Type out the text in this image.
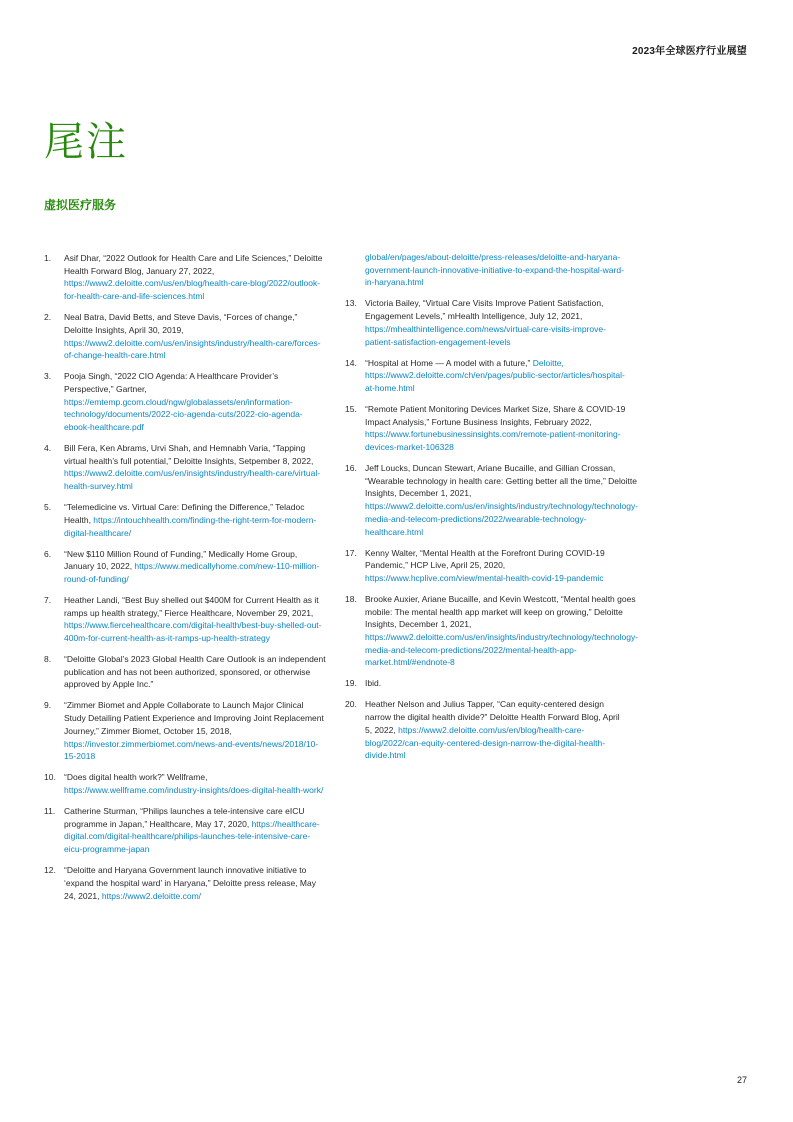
2023年全球医疗行业展望
尾注
虚拟医疗服务
1.	Asif Dhar, “2022 Outlook for Health Care and Life Sciences,” Deloitte Health Forward Blog, January 27, 2022, https://www2.deloitte.com/us/en/blog/health-care-blog/2022/outlook-for-health-care-and-life-sciences.html
2.	Neal Batra, David Betts, and Steve Davis, “Forces of change,” Deloitte Insights, April 30, 2019, https://www2.deloitte.com/us/en/insights/industry/health-care/forces-of-change-health-care.html
3.	Pooja Singh, “2022 CIO Agenda: A Healthcare Provider’s Perspective,” Gartner, https://emtemp.gcom.cloud/ngw/globalassets/en/information-technology/documents/2022-cio-agenda-cuts/2022-cio-agenda-ebook-healthcare.pdf
4.	Bill Fera, Ken Abrams, Urvi Shah, and Hemnabh Varia, “Tapping virtual health’s full potential,” Deloitte Insights, Setpember 8, 2022, https://www2.deloitte.com/us/en/insights/industry/health-care/virtual-health-survey.html
5.	“Telemedicine vs. Virtual Care: Defining the Difference,” Teladoc Health, https://intouchhealth.com/finding-the-right-term-for-modern-digital-healthcare/
6.	“New $110 Million Round of Funding,” Medically Home Group, January 10, 2022, https://www.medicallyhome.com/new-110-million-round-of-funding/
7.	Heather Landi, “Best Buy shelled out $400M for Current Health as it ramps up health strategy,” Fierce Healthcare, November 29, 2021, https://www.fiercehealthcare.com/digital-health/best-buy-shelled-out-400m-for-current-health-as-it-ramps-up-health-strategy
8.	“Deloitte Global’s 2023 Global Health Care Outlook is an independent publication and has not been authorized, sponsored, or otherwise approved by Apple Inc.”
9.	“Zimmer Biomet and Apple Collaborate to Launch Major Clinical Study Detailing Patient Experience and Improving Joint Replacement Journey,” Zimmer Biomet, October 15, 2018, https://investor.zimmerbiomet.com/news-and-events/news/2018/10-15-2018
10. “Does digital health work?” Wellframe, https://www.wellframe.com/industry-insights/does-digital-health-work/
11.	Catherine Sturman, “Philips launches a tele-intensive care eICU programme in Japan,” Healthcare, May 17, 2020, https://healthcare-digital.com/digital-healthcare/philips-launches-tele-intensive-care-eicu-programme-japan
12. “Deloitte and Haryana Government launch innovative initiative to ‘expand the hospital ward’ in Haryana,” Deloitte press release, May 24, 2021, https://www2.deloitte.com/
global/en/pages/about-deloitte/press-releases/deloitte-and-haryana-government-launch-innovative-initiative-to-expand-the-hospital-ward-in-haryana.html
13. Victoria Bailey, “Virtual Care Visits Improve Patient Satisfaction, Engagement Levels,” mHealth Intelligence, July 12, 2021, https://mhealthintelligence.com/news/virtual-care-visits-improve-patient-satisfaction-engagement-levels
14. “Hospital at Home — A model with a future,” Deloitte, https://www2.deloitte.com/ch/en/pages/public-sector/articles/hospital-at-home.html
15. “Remote Patient Monitoring Devices Market Size, Share & COVID-19 Impact Analysis,” Fortune Business Insights, February 2022, https://www.fortunebusinessinsights.com/remote-patient-monitoring-devices-market-106328
16. Jeff Loucks, Duncan Stewart, Ariane Bucaille, and Gillian Crossan, “Wearable technology in health care: Getting better all the time,” Deloitte Insights, December 1, 2021, https://www2.deloitte.com/us/en/insights/industry/technology/technology-media-and-telecom-predictions/2022/wearable-technology-healthcare.html
17. Kenny Walter, “Mental Health at the Forefront During COVID-19 Pandemic,” HCP Live, April 25, 2020, https://www.hcplive.com/view/mental-health-covid-19-pandemic
18. Brooke Auxier, Ariane Bucaille, and Kevin Westcott, “Mental health goes mobile: The mental health app market will keep on growing,” Deloitte Insights, December 1, 2021, https://www2.deloitte.com/us/en/insights/industry/technology/technology-media-and-telecom-predictions/2022/mental-health-app-market.html/#endnote-8
19. Ibid.
20. Heather Nelson and Julius Tapper, “Can equity-centered design narrow the digital health divide?” Deloitte Health Forward Blog, April 5, 2022, https://www2.deloitte.com/us/en/blog/health-care-blog/2022/can-equity-centered-design-narrow-the-digital-health-divide.html
27
